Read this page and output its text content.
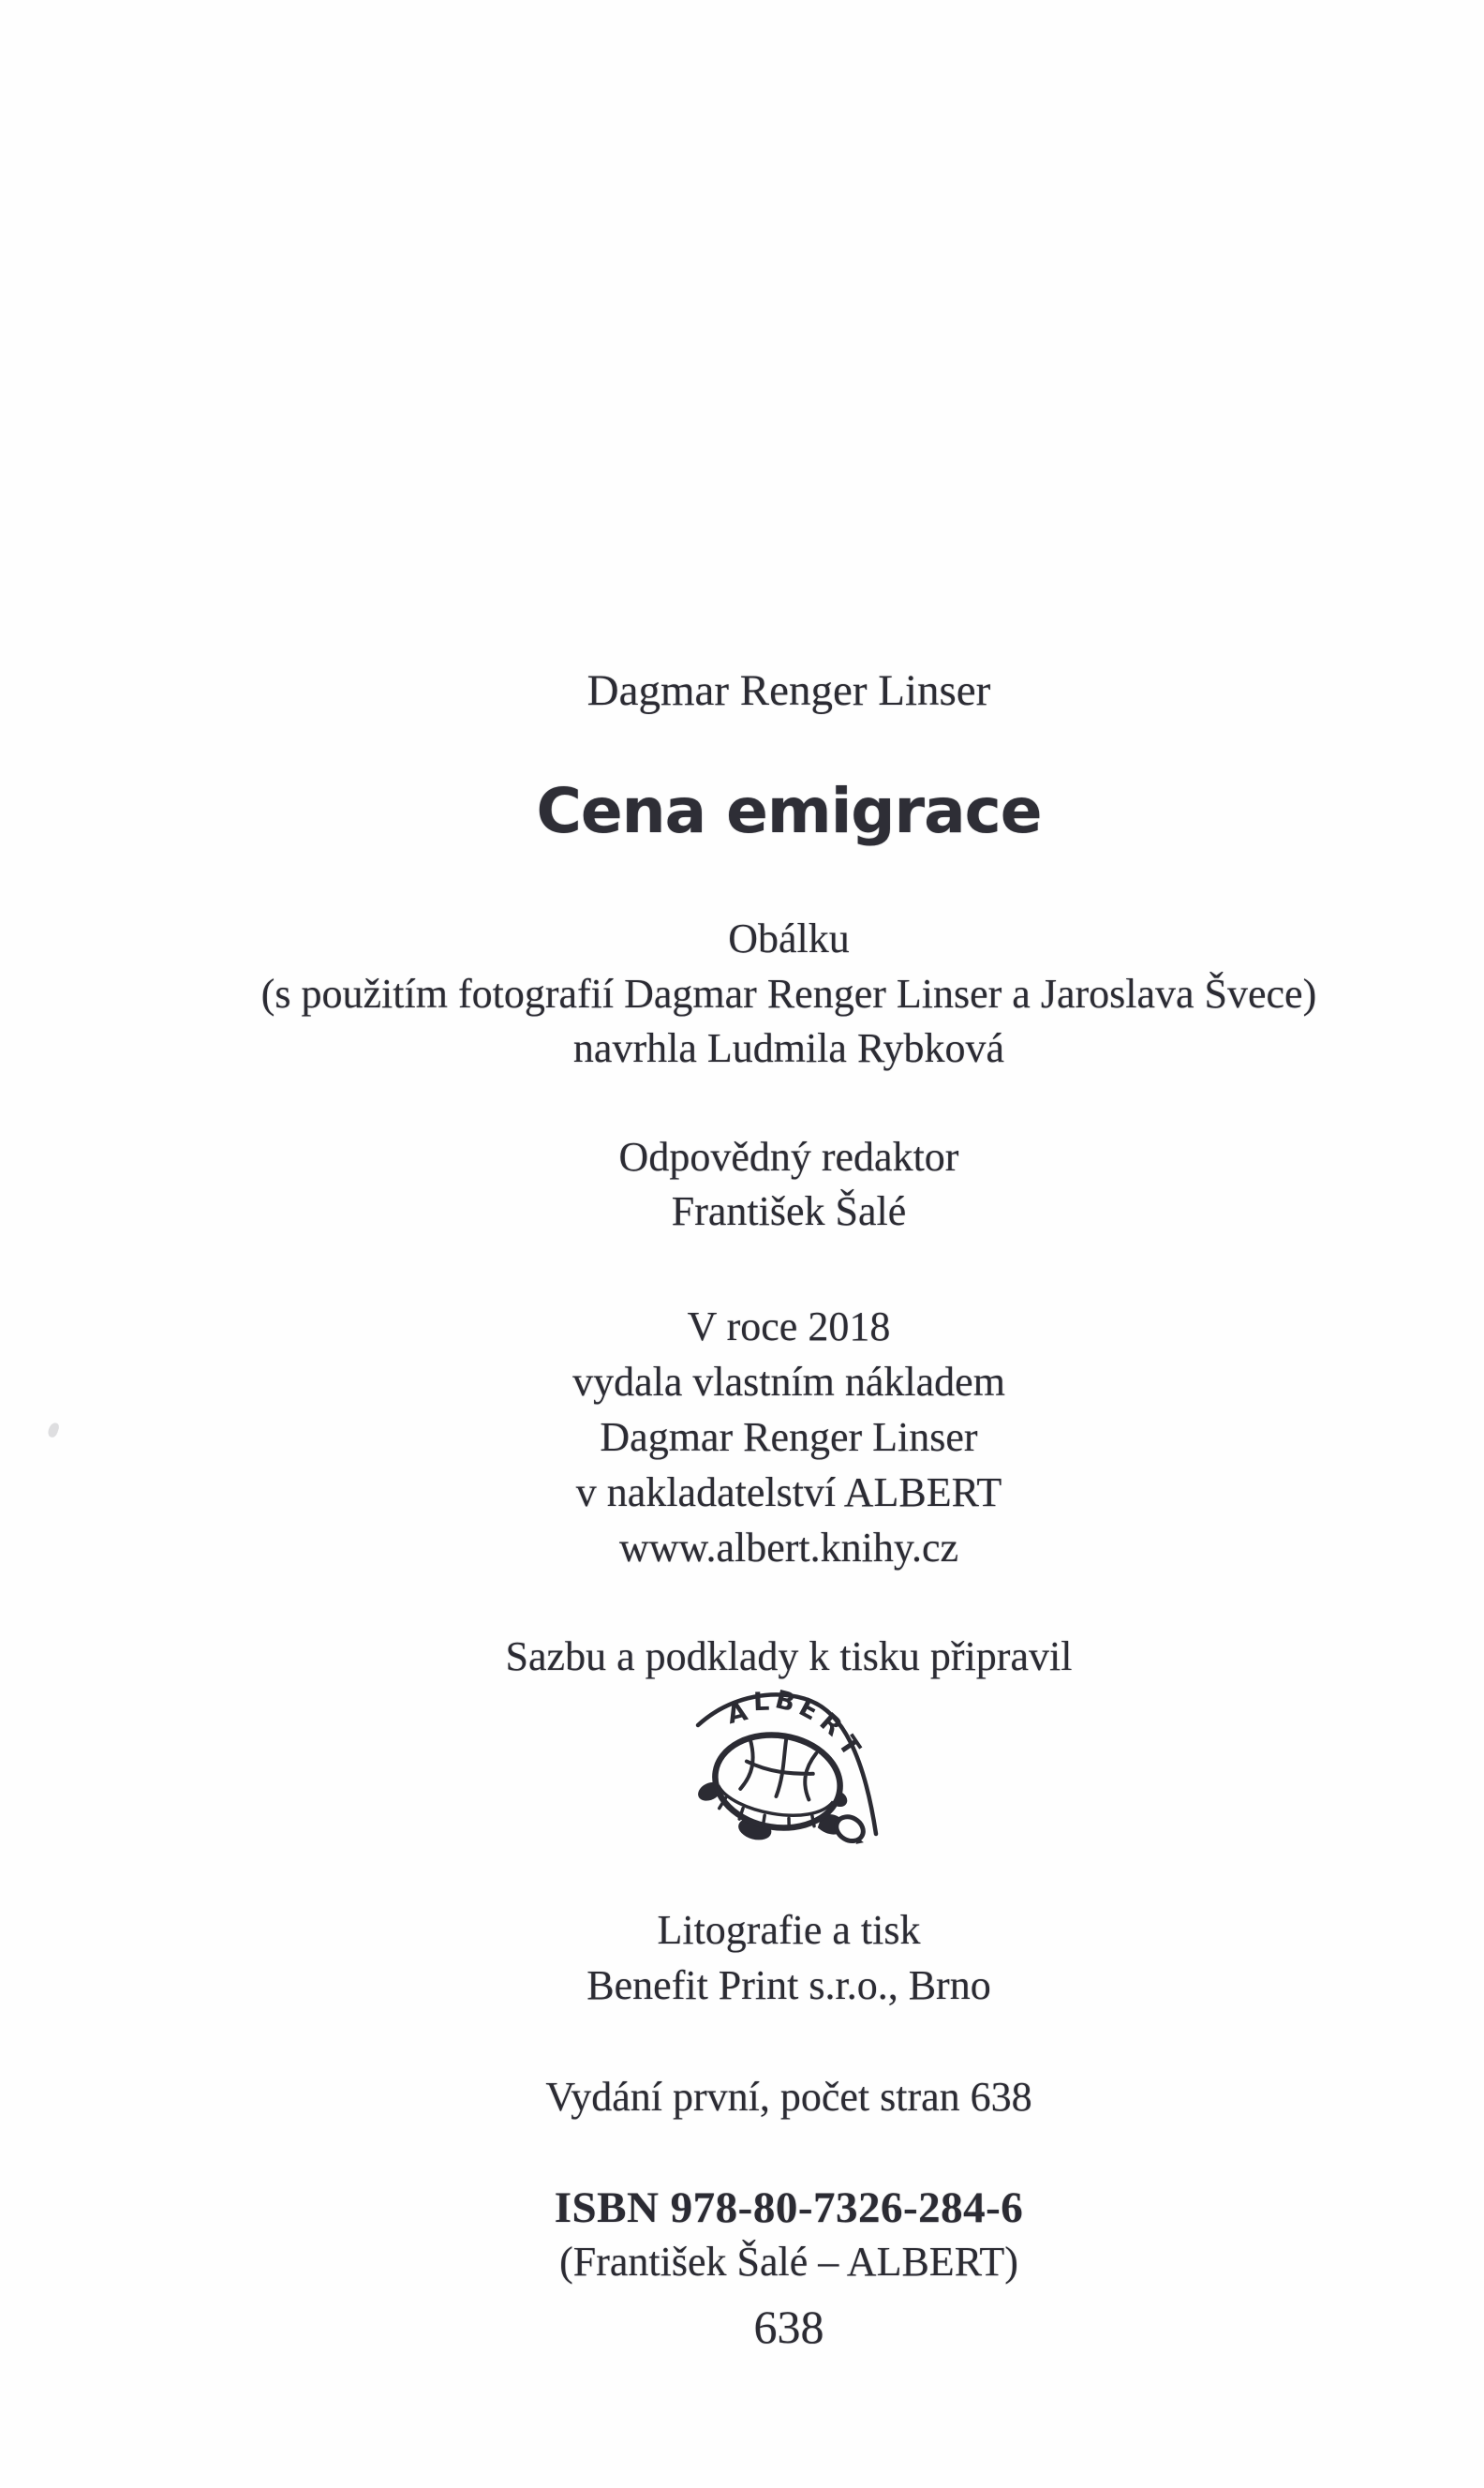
Dagmar Renger Linser
Cena emigrace
Obálku
(s použitím fotografií Dagmar Renger Linser a Jaroslava Švece)
navrhla Ludmila Rybková
Odpovědný redaktor
František Šalé
V roce 2018
vydala vlastním nákladem
Dagmar Renger Linser
v nakladatelství ALBERT
www.albert.knihy.cz
Sazbu a podklady k tisku připravil
A L B
E
R
T
Litografie a tisk
Benefit Print s.r.o., Brno
Vydání první, počet stran 638
ISBN 978-80-7326-284-6
(František Šalé – ALBERT)
638
